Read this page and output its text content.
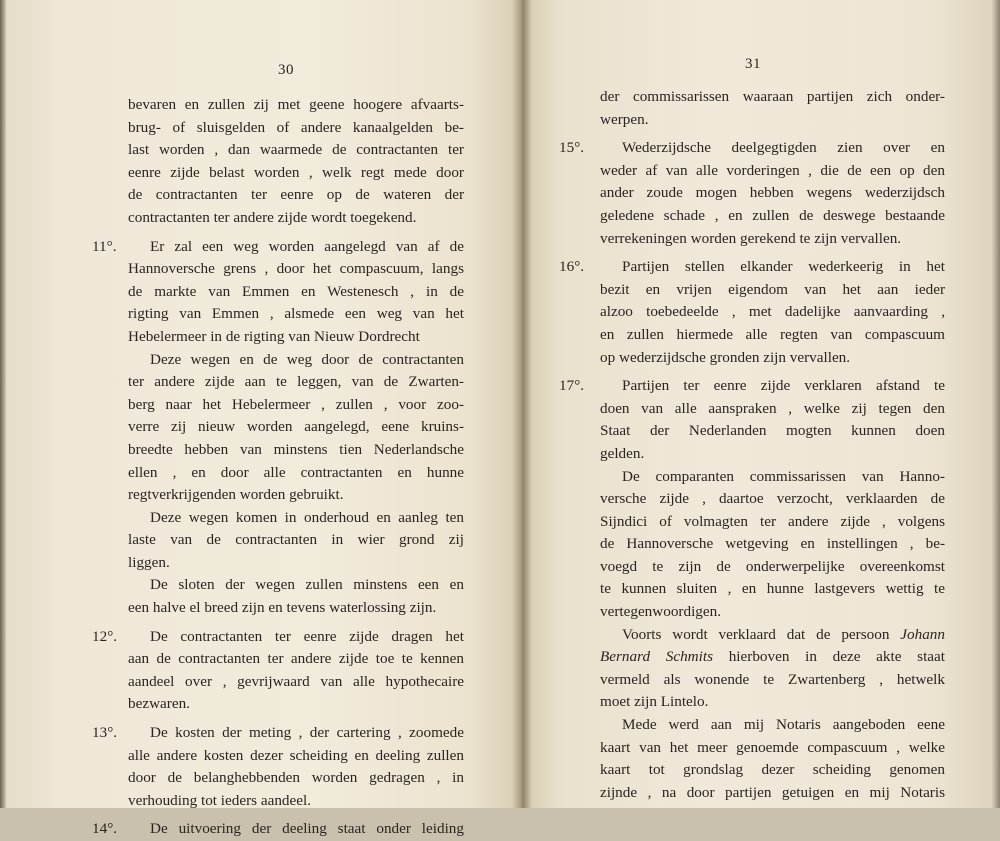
30
bevaren en zullen zij met geene hoogere afvaarts-
brug- of sluisgelden of andere kanaalgelden be-
last worden , dan waarmede de contractanten ter
eenre zijde belast worden , welk regt mede door
de contractanten ter eenre op de wateren der
contractanten ter andere zijde wordt toegekend.
11°. Er zal een weg worden aangelegd van af de
Hannoversche grens , door het compascuum, langs
de markte van Emmen en Westenesch , in de
rigting van Emmen , alsmede een weg van het
Hebelermeer in de rigting van Nieuw Dordrecht
Deze wegen en de weg door de contractanten
ter andere zijde aan te leggen, van de Zwarten-
berg naar het Hebelermeer , zullen , voor zoo-
verre zij nieuw worden aangelegd, eene kruins-
breedte hebben van minstens tien Nederlandsche
ellen , en door alle contractanten en hunne
regtverkrijgenden worden gebruikt.
Deze wegen komen in onderhoud en aanleg ten
laste van de contractanten in wier grond zij
liggen.
De sloten der wegen zullen minstens een en
een halve el breed zijn en tevens waterlossing zijn.
12°. De contractanten ter eenre zijde dragen het
aan de contractanten ter andere zijde toe te kennen
aandeel over , gevrijwaard van alle hypothecaire
bezwaren.
13°. De kosten der meting , der cartering , zoomede
alle andere kosten dezer scheiding en deeling zullen
door de belanghebbenden worden gedragen , in
verhouding tot ieders aandeel.
14°. De uitvoering der deeling staat onder leiding
31
der commissarissen waaraan partijen zich onder-
werpen.
15°. Wederzijdsche deelgegtigden zien over en
weder af van alle vorderingen , die de een op den
ander zoude mogen hebben wegens wederzijdsch
geledene schade , en zullen de deswege bestaande
verrekeningen worden gerekend te zijn vervallen.
16°. Partijen stellen elkander wederkeerig in het
bezit en vrijen eigendom van het aan ieder
alzoo toebedeelde , met dadelijke aanvaarding ,
en zullen hiermede alle regten van compascuum
op wederzijdsche gronden zijn vervallen.
17°. Partijen ter eenre zijde verklaren afstand te
doen van alle aanspraken , welke zij tegen den
Staat der Nederlanden mogten kunnen doen
gelden.
De comparanten commissarissen van Hanno-
versche zijde , daartoe verzocht, verklaarden de
Sijndici of volmagten ter andere zijde , volgens
de Hannoversche wetgeving en instellingen , be-
voegd te zijn de onderwerpelijke overeenkomst
te kunnen sluiten , en hunne lastgevers wettig te
vertegenwoordigen.
Voorts wordt verklaard dat de persoon Johann
Bernard Schmits hierboven in deze akte staat
vermeld als wonende te Zwartenberg , hetwelk
moet zijn Lintelo.
Mede werd aan mij Notaris aangeboden eene
kaart van het meer genoemde compascuum , welke
kaart tot grondslag dezer scheiding genomen
zijnde , na door partijen getuigen en mij Notaris
